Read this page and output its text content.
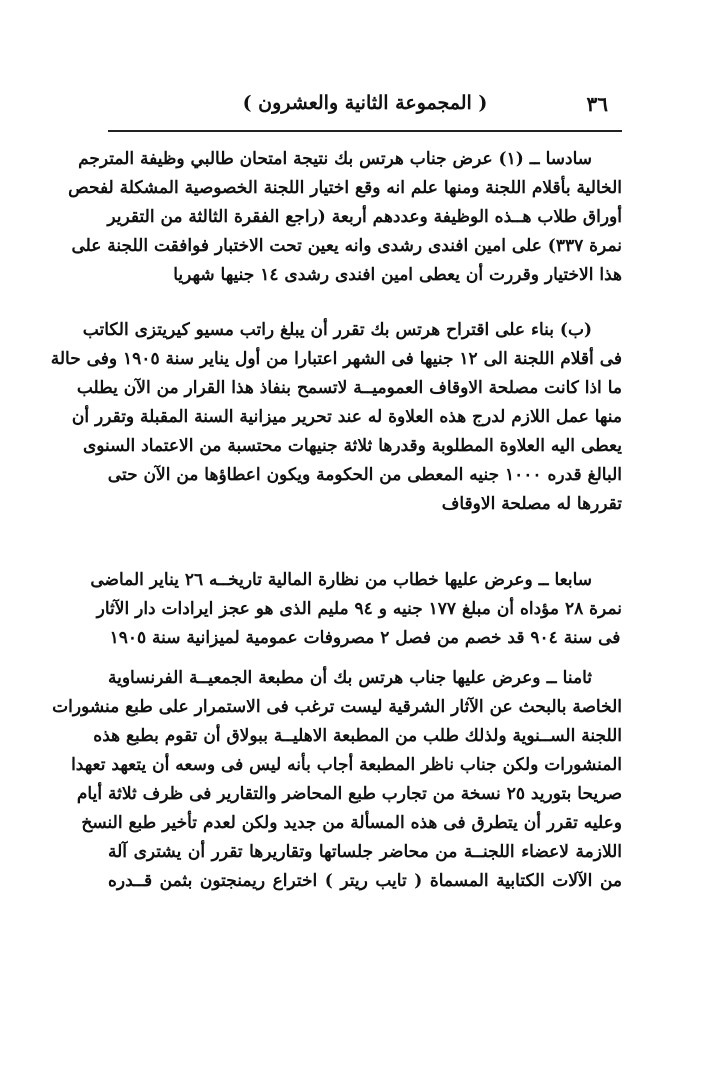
٣٦
( المجموعة الثانية والعشرون )
سادسا ــ (١) عرض جناب هرتس بك نتيجة امتحان طالبي وظيفة المترجم
الخالية بأقلام اللجنة ومنها علم انه وقع اختيار اللجنة الخصوصية المشكلة لفحص
أوراق طلاب هــذه الوظيفة وعددهم أربعة (راجع الفقرة الثالثة من التقرير
نمرة ٣٣٧) على امين افندى رشدى وانه يعين تحت الاختبار فوافقت اللجنة على
هذا الاختيار وقررت أن يعطى امين افندى رشدى ١٤ جنيها شهريا
(ب) بناء على اقتراح هرتس بك تقرر أن يبلغ راتب مسيو كيريتزى الكاتب
فى أقلام اللجنة الى ١٢ جنيها فى الشهر اعتبارا من أول يناير سنة ١٩٠٥ وفى حالة
ما اذا كانت مصلحة الاوقاف العموميــة لاتسمح بنفاذ هذا القرار من الآن يطلب
منها عمل اللازم لدرج هذه العلاوة له عند تحرير ميزانية السنة المقبلة وتقرر أن
يعطى اليه العلاوة المطلوبة وقدرها ثلاثة جنيهات محتسبة من الاعتماد السنوى
البالغ قدره ١٠٠٠ جنيه المعطى من الحكومة ويكون اعطاؤها من الآن حتى
تقررها له مصلحة الاوقاف
سابعا ــ وعرض عليها خطاب من نظارة المالية تاريخــه ٢٦ يناير الماضى
نمرة ٢٨ مؤداه أن مبلغ ١٧٧ جنيه و ٩٤ مليم الذى هو عجز ايرادات دار الآثار
فى سنة ٩٠٤ قد خصم من فصل ٢ مصروفات عمومية لميزانية سنة ١٩٠٥
ثامنا ــ وعرض عليها جناب هرتس بك أن مطبعة الجمعيــة الفرنساوية
الخاصة بالبحث عن الآثار الشرقية ليست ترغب فى الاستمرار على طبع منشورات
اللجنة الســنوية ولذلك طلب من المطبعة الاهليــة ببولاق أن تقوم بطبع هذه
المنشورات ولكن جناب ناظر المطبعة أجاب بأنه ليس فى وسعه أن يتعهد تعهدا
صريحا بتوريد ٢٥ نسخة من تجارب طبع المحاضر والتقارير فى ظرف ثلاثة أيام
وعليه تقرر أن يتطرق فى هذه المسألة من جديد ولكن لعدم تأخير طبع النسخ
اللازمة لاعضاء اللجنــة من محاضر جلساتها وتقاريرها تقرر أن يشترى آلة
من الآلات الكتابية المسماة ( تايب ريتر ) اختراع ريمنجتون بثمن قــدره
